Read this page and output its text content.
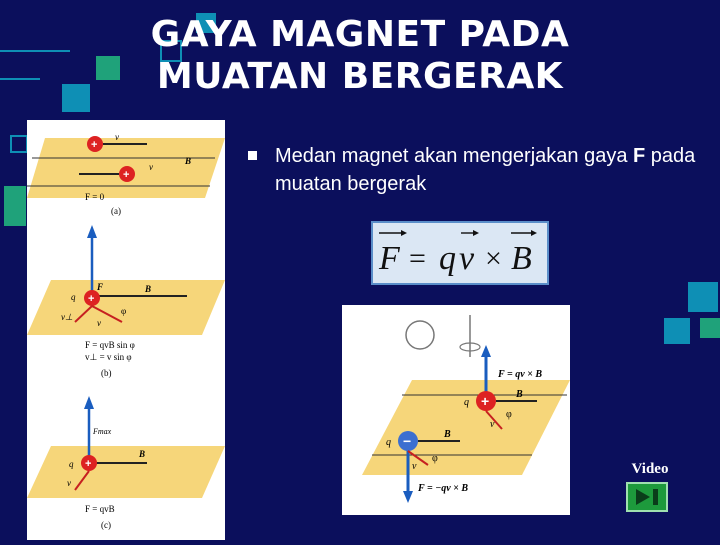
GAYA MAGNET PADA
MUATAN BERGERAK
+
v
+
v
B
F = 0
(a)
+
F
q
B
φ
v⊥
v
F = qvB sin φ
v⊥ = v sin φ
(b)
+
Fmax
q
B
v
F = qvB
(c)
Medan magnet akan mengerjakan gaya F pada muatan bergerak
F q v B
= ×
+
F = qv × B
q
B
φ
v
−
q
B
φ
v
F = −qv × B
Video
